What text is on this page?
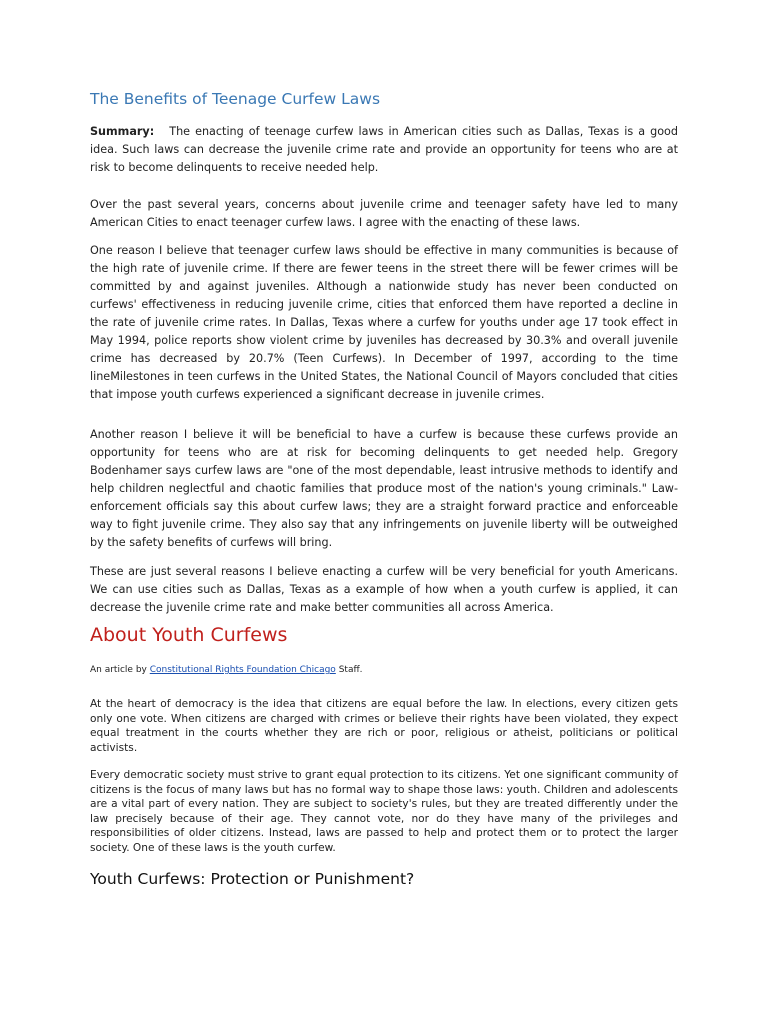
The Benefits of Teenage Curfew Laws

Summary: The enacting of teenage curfew laws in American cities such as Dallas, Texas is a good idea. Such laws can decrease the juvenile crime rate and provide an opportunity for teens who are at risk to become delinquents to receive needed help.

Over the past several years, concerns about juvenile crime and teenager safety have led to many American Cities to enact teenager curfew laws. I agree with the enacting of these laws.

One reason I believe that teenager curfew laws should be effective in many communities is because of the high rate of juvenile crime. If there are fewer teens in the street there will be fewer crimes will be committed by and against juveniles. Although a nationwide study has never been conducted on curfews' effectiveness in reducing juvenile crime, cities that enforced them have reported a decline in the rate of juvenile crime rates. In Dallas, Texas where a curfew for youths under age 17 took effect in May 1994, police reports show violent crime by juveniles has decreased by 30.3% and overall juvenile crime has decreased by 20.7% (Teen Curfews). In December of 1997, according to the time lineMilestones in teen curfews in the United States, the National Council of Mayors concluded that cities that impose youth curfews experienced a significant decrease in juvenile crimes.

Another reason I believe it will be beneficial to have a curfew is because these curfews provide an opportunity for teens who are at risk for becoming delinquents to get needed help. Gregory Bodenhamer says curfew laws are "one of the most dependable, least intrusive methods to identify and help children neglectful and chaotic families that produce most of the nation's young criminals." Law-enforcement officials say this about curfew laws; they are a straight forward practice and enforceable way to fight juvenile crime. They also say that any infringements on juvenile liberty will be outweighed by the safety benefits of curfews will bring.

These are just several reasons I believe enacting a curfew will be very beneficial for youth Americans. We can use cities such as Dallas, Texas as a example of how when a youth curfew is applied, it can decrease the juvenile crime rate and make better communities all across America.

About Youth Curfews

An article by Constitutional Rights Foundation Chicago Staff.

At the heart of democracy is the idea that citizens are equal before the law. In elections, every citizen gets only one vote. When citizens are charged with crimes or believe their rights have been violated, they expect equal treatment in the courts whether they are rich or poor, religious or atheist, politicians or political activists.

Every democratic society must strive to grant equal protection to its citizens. Yet one significant community of citizens is the focus of many laws but has no formal way to shape those laws: youth. Children and adolescents are a vital part of every nation. They are subject to society's rules, but they are treated differently under the law precisely because of their age. They cannot vote, nor do they have many of the privileges and responsibilities of older citizens. Instead, laws are passed to help and protect them or to protect the larger society. One of these laws is the youth curfew.

Youth Curfews: Protection or Punishment?
